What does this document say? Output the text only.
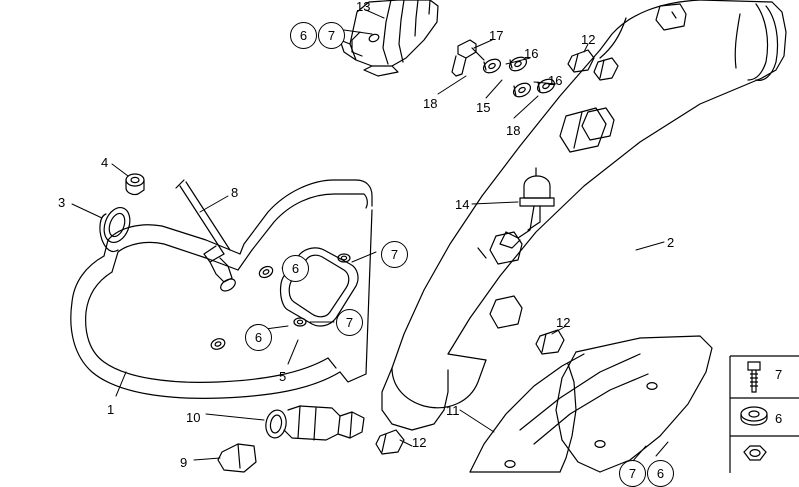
13
6	7	17
16
12
16
18	15
18
4
8
3	14
2
7
6
7
6
12
5
1
10	11
12
9
7	6
7
6
